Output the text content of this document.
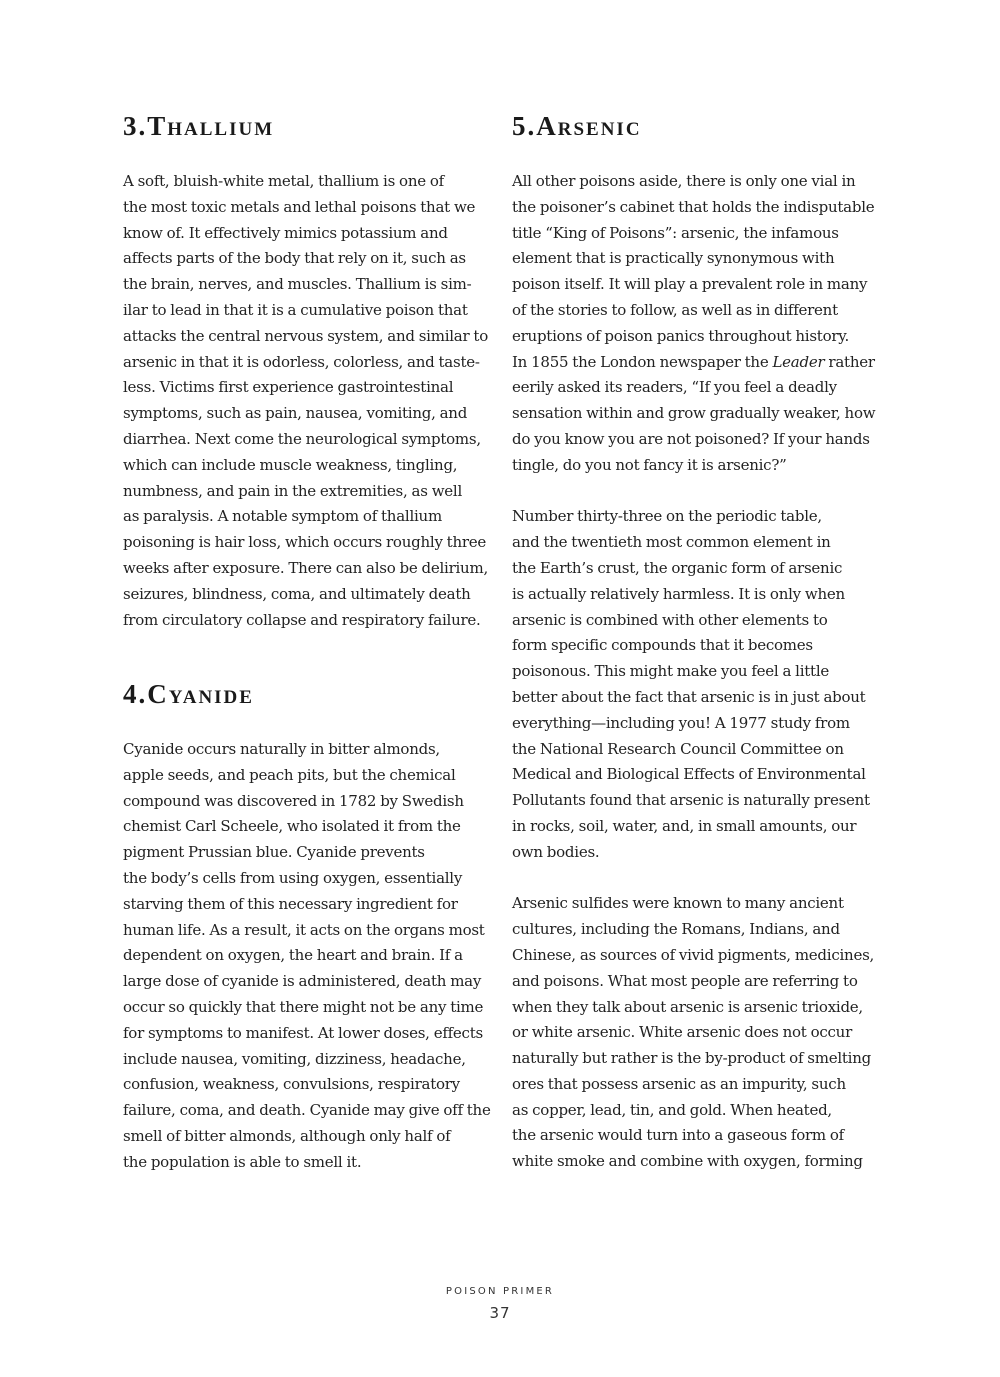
3.Thallium

A soft, bluish-white metal, thallium is one of
the most toxic metals and lethal poisons that we
know of. It effectively mimics potassium and
affects parts of the body that rely on it, such as
the brain, nerves, and muscles. Thallium is sim-
ilar to lead in that it is a cumulative poison that
attacks the central nervous system, and similar to
arsenic in that it is odorless, colorless, and taste-
less. Victims first experience gastrointestinal
symptoms, such as pain, nausea, vomiting, and
diarrhea. Next come the neurological symptoms,
which can include muscle weakness, tingling,
numbness, and pain in the extremities, as well
as paralysis. A notable symptom of thallium
poisoning is hair loss, which occurs roughly three
weeks after exposure. There can also be delirium,
seizures, blindness, coma, and ultimately death
from circulatory collapse and respiratory failure.

4.Cyanide

Cyanide occurs naturally in bitter almonds,
apple seeds, and peach pits, but the chemical
compound was discovered in 1782 by Swedish
chemist Carl Scheele, who isolated it from the
pigment Prussian blue. Cyanide prevents
the body’s cells from using oxygen, essentially
starving them of this necessary ingredient for
human life. As a result, it acts on the organs most
dependent on oxygen, the heart and brain. If a
large dose of cyanide is administered, death may
occur so quickly that there might not be any time
for symptoms to manifest. At lower doses, effects
include nausea, vomiting, dizziness, headache,
confusion, weakness, convulsions, respiratory
failure, coma, and death. Cyanide may give off the
smell of bitter almonds, although only half of
the population is able to smell it.

5.Arsenic

All other poisons aside, there is only one vial in
the poisoner’s cabinet that holds the indisputable
title “King of Poisons”: arsenic, the infamous
element that is practically synonymous with
poison itself. It will play a prevalent role in many
of the stories to follow, as well as in different
eruptions of poison panics throughout history.
In 1855 the London newspaper the Leader rather
eerily asked its readers, “If you feel a deadly
sensation within and grow gradually weaker, how
do you know you are not poisoned? If your hands
tingle, do you not fancy it is arsenic?”

Number thirty-three on the periodic table,
and the twentieth most common element in
the Earth’s crust, the organic form of arsenic
is actually relatively harmless. It is only when
arsenic is combined with other elements to
form specific compounds that it becomes
poisonous. This might make you feel a little
better about the fact that arsenic is in just about
everything—including you! A 1977 study from
the National Research Council Committee on
Medical and Biological Effects of Environmental
Pollutants found that arsenic is naturally present
in rocks, soil, water, and, in small amounts, our
own bodies.

Arsenic sulfides were known to many ancient
cultures, including the Romans, Indians, and
Chinese, as sources of vivid pigments, medicines,
and poisons. What most people are referring to
when they talk about arsenic is arsenic trioxide,
or white arsenic. White arsenic does not occur
naturally but rather is the by-product of smelting
ores that possess arsenic as an impurity, such
as copper, lead, tin, and gold. When heated,
the arsenic would turn into a gaseous form of
white smoke and combine with oxygen, forming

POISON PRIMER
37
